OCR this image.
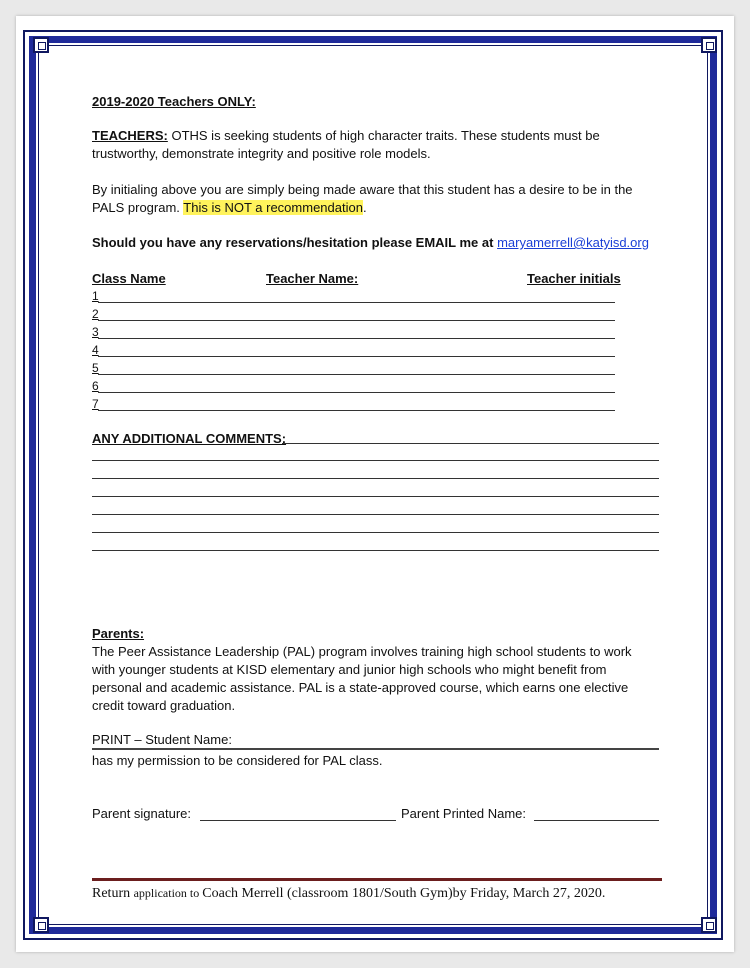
2019-2020 Teachers ONLY:
TEACHERS: OTHS is seeking students of high character traits. These students must be
trustworthy, demonstrate integrity and positive role models.
By initialing above you are simply being made aware that this student has a desire to be in the
PALS program. This is NOT a recommendation.
Should you have any reservations/hesitation please EMAIL me at maryamerrell@katyisd.org
Class Name	Teacher Name:	Teacher initials
1
2
3
4
5
6
7
ANY ADDITIONAL COMMENTS:
Parents:
The Peer Assistance Leadership (PAL) program involves training high school students to work
with younger students at KISD elementary and junior high schools who might benefit from
personal and academic assistance. PAL is a state-approved course, which earns one elective
credit toward graduation.
PRINT – Student Name:
has my permission to be considered for PAL class.
Parent signature:	Parent Printed Name:
Return application to Coach Merrell (classroom 1801/South Gym)by Friday, March 27, 2020.
